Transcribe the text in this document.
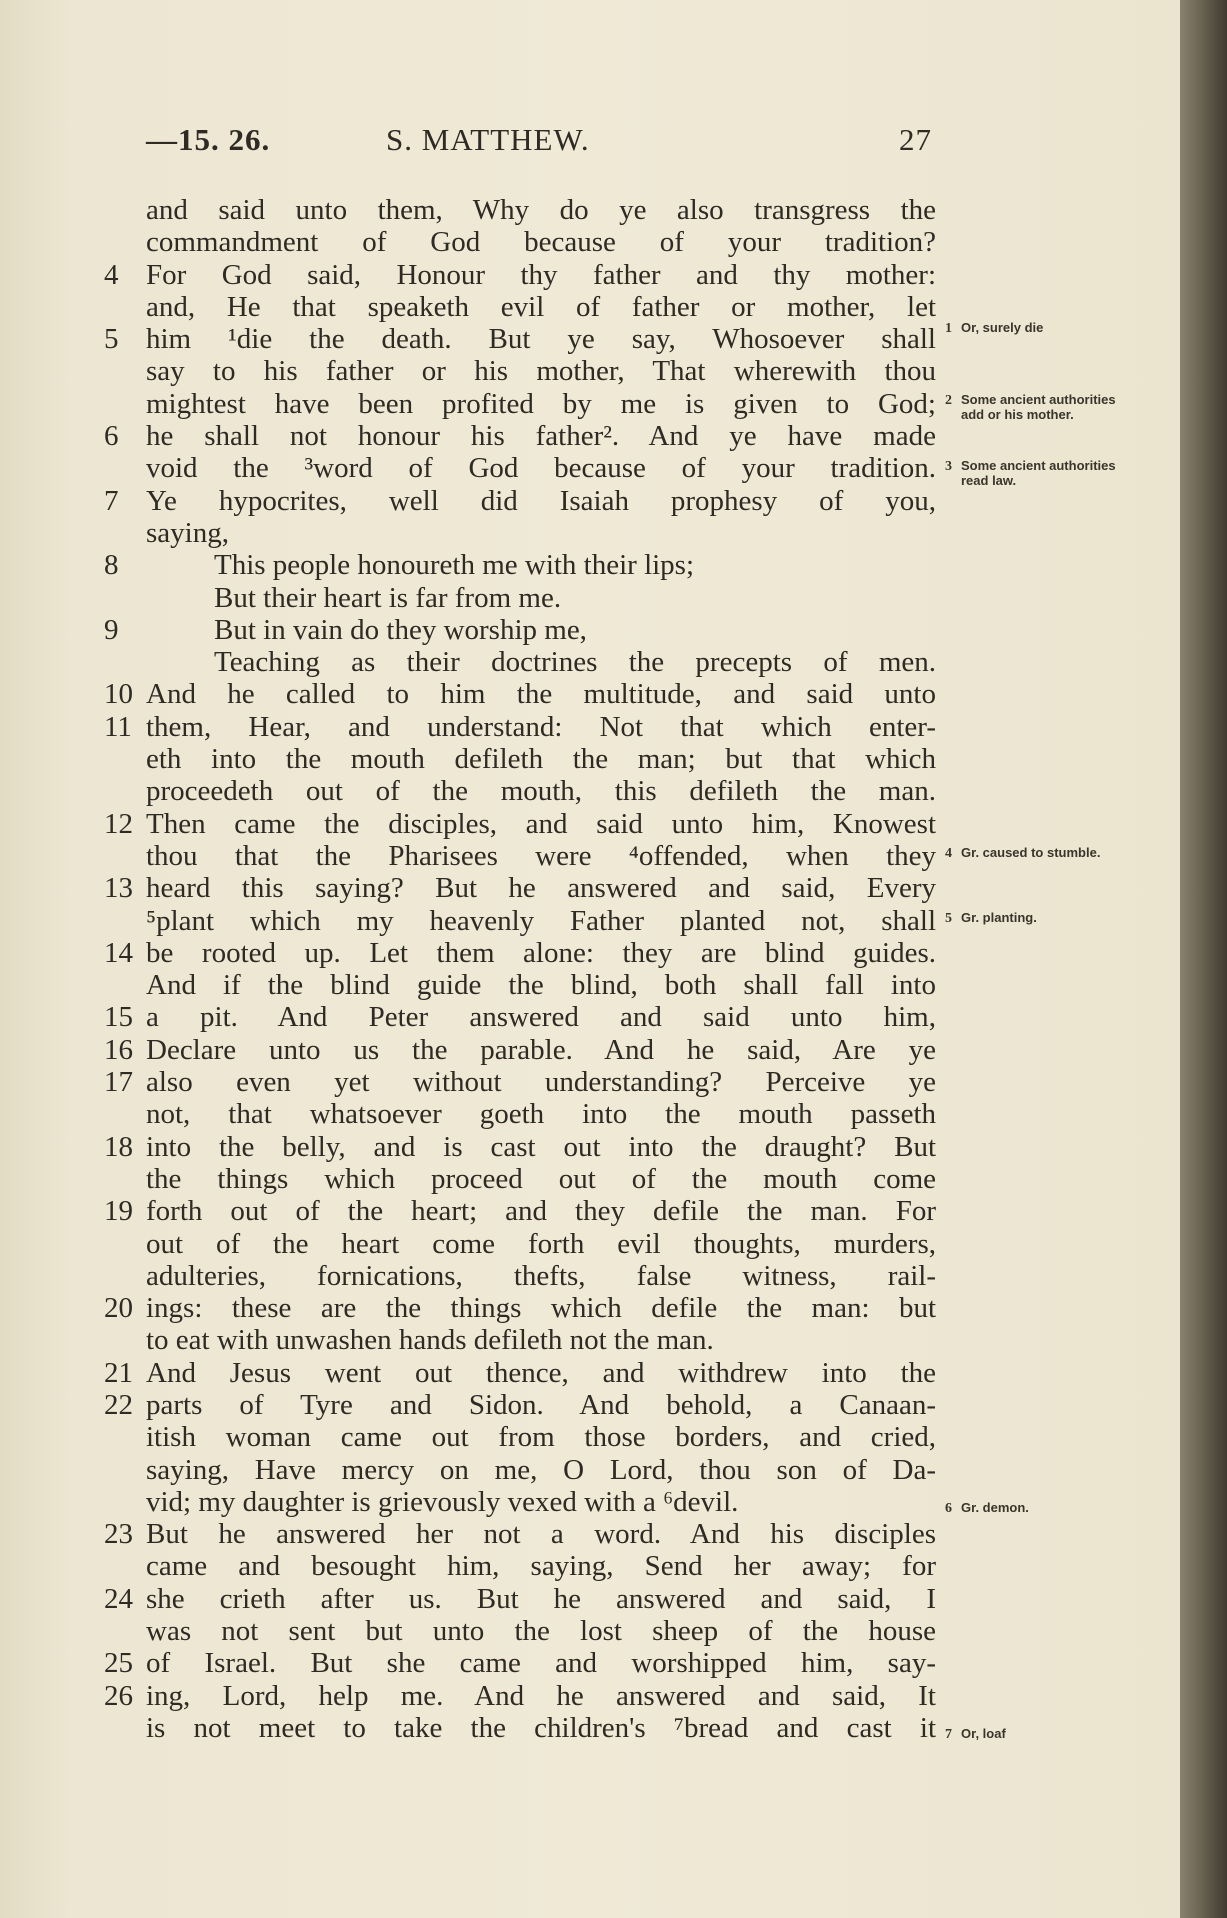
—15. 26.	S. MATTHEW.	27
and said unto them, Why do ye also transgress the
commandment of God because of your tradition?
4 For God said, Honour thy father and thy mother:
and, He that speaketh evil of father or mother, let
5 him ¹die the death. But ye say, Whosoever shall
say to his father or his mother, That wherewith thou
mightest have been profited by me is given to God;
6 he shall not honour his father². And ye have made
void the ³word of God because of your tradition.
7 Ye hypocrites, well did Isaiah prophesy of you,
saying,
8	This people honoureth me with their lips;
But their heart is far from me.
9	But in vain do they worship me,
Teaching as their doctrines the precepts of men.
10 And he called to him the multitude, and said unto
11 them, Hear, and understand: Not that which enter-
eth into the mouth defileth the man; but that which
proceedeth out of the mouth, this defileth the man.
12 Then came the disciples, and said unto him, Knowest
thou that the Pharisees were ⁴offended, when they
13 heard this saying? But he answered and said, Every
⁵plant which my heavenly Father planted not, shall
14 be rooted up. Let them alone: they are blind guides.
And if the blind guide the blind, both shall fall into
15 a pit. And Peter answered and said unto him,
16 Declare unto us the parable. And he said, Are ye
17 also even yet without understanding? Perceive ye
not, that whatsoever goeth into the mouth passeth
18 into the belly, and is cast out into the draught? But
the things which proceed out of the mouth come
19 forth out of the heart; and they defile the man. For
out of the heart come forth evil thoughts, murders,
adulteries, fornications, thefts, false witness, rail-
20 ings: these are the things which defile the man: but
to eat with unwashen hands defileth not the man.
21 And Jesus went out thence, and withdrew into the
22 parts of Tyre and Sidon. And behold, a Canaan-
itish woman came out from those borders, and cried,
saying, Have mercy on me, O Lord, thou son of Da-
vid; my daughter is grievously vexed with a ⁶devil.
23 But he answered her not a word. And his disciples
came and besought him, saying, Send her away; for
24 she crieth after us. But he answered and said, I
was not sent but unto the lost sheep of the house
25 of Israel. But she came and worshipped him, say-
26 ing, Lord, help me. And he answered and said, It
is not meet to take the children's ⁷bread and cast it
1 Or, surely die
2 Some ancient authorities add or his mother.
3 Some ancient authorities read law.
4 Gr. caused to stumble.
5 Gr. planting.
6 Gr. demon.
7 Or, loaf
